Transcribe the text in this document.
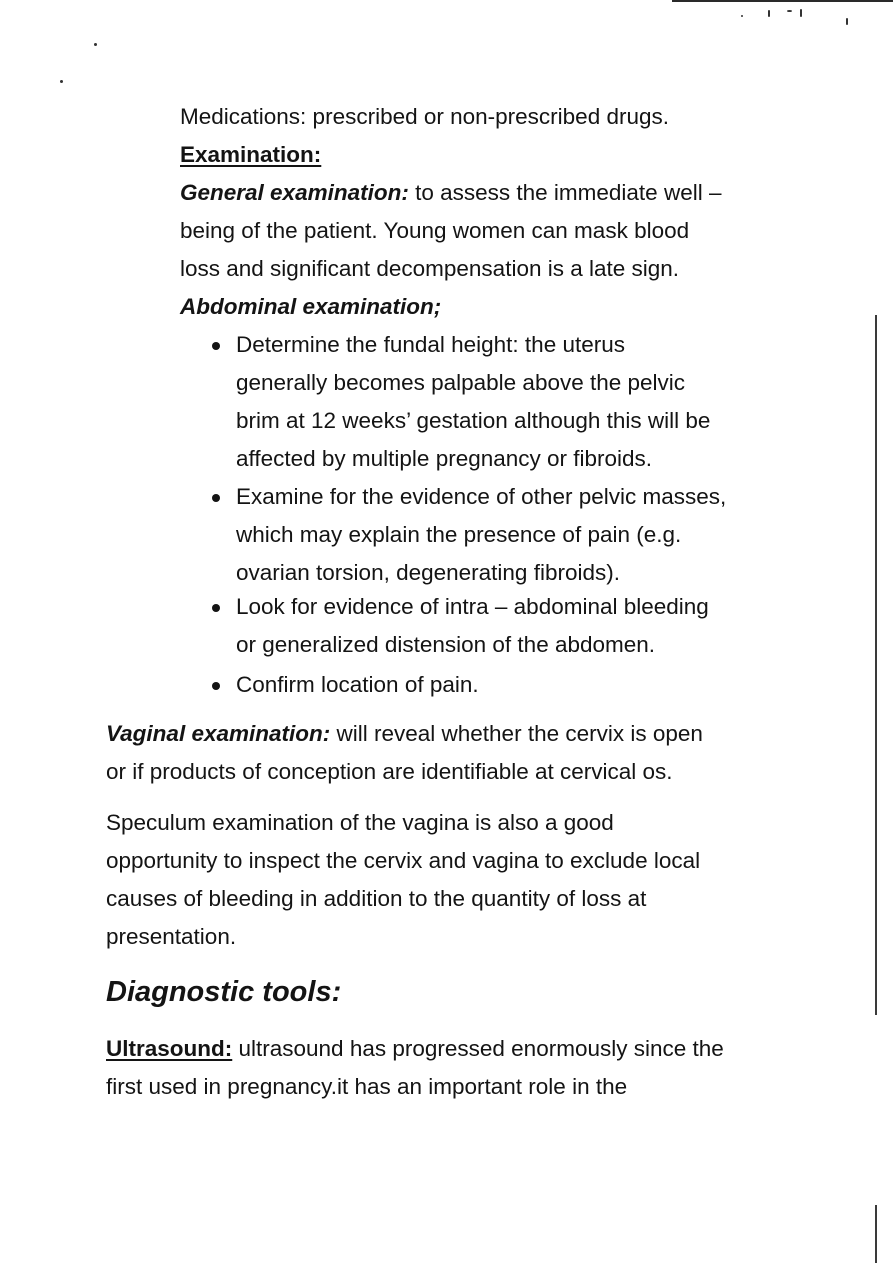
Medications: prescribed or non-prescribed drugs.
Examination:
General examination: to assess the immediate well –
being of the patient. Young women can mask blood
loss and significant decompensation is a late sign.
Abdominal examination;
Determine the fundal height: the uterus
generally becomes palpable above the pelvic
brim at 12 weeks’ gestation although this will be
affected by multiple pregnancy or fibroids.
Examine for the evidence of other pelvic masses,
which may explain the presence of pain (e.g.
ovarian torsion, degenerating fibroids).
Look for evidence of intra – abdominal bleeding
or generalized distension of the abdomen.
Confirm location of pain.
Vaginal examination: will reveal whether the cervix is open
or if products of conception are identifiable at cervical os.
Speculum examination of the vagina is also a good
opportunity to inspect the cervix and vagina to exclude local
causes of bleeding in addition to the quantity of loss at
presentation.
Diagnostic tools:
Ultrasound: ultrasound has progressed enormously since the
first used in pregnancy.it has an important role in the
